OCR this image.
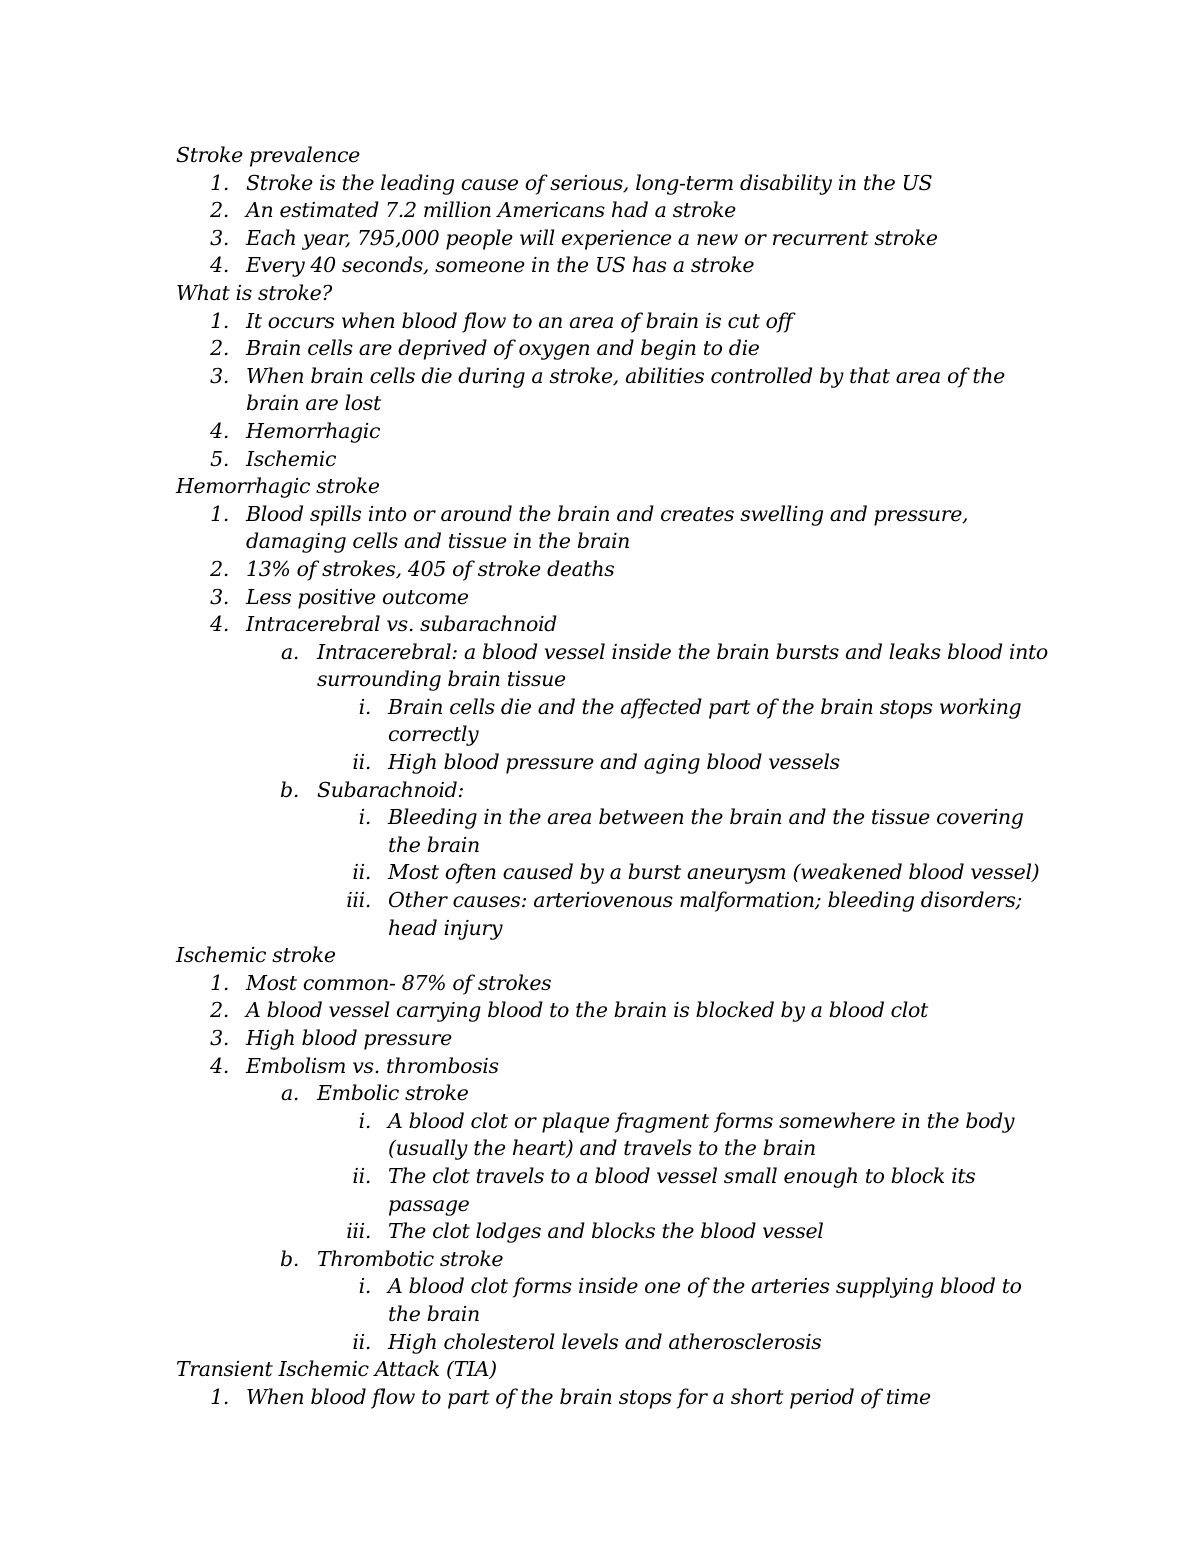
Stroke prevalence
1. Stroke is the leading cause of serious, long-term disability in the US
2. An estimated 7.2 million Americans had a stroke
3. Each year, 795,000 people will experience a new or recurrent stroke
4. Every 40 seconds, someone in the US has a stroke
What is stroke?
1. It occurs when blood flow to an area of brain is cut off
2. Brain cells are deprived of oxygen and begin to die
3. When brain cells die during a stroke, abilities controlled by that area of the
brain are lost
4. Hemorrhagic
5. Ischemic
Hemorrhagic stroke
1. Blood spills into or around the brain and creates swelling and pressure,
damaging cells and tissue in the brain
2. 13% of strokes, 405 of stroke deaths
3. Less positive outcome
4. Intracerebral vs. subarachnoid
a. Intracerebral: a blood vessel inside the brain bursts and leaks blood into
surrounding brain tissue
i. Brain cells die and the affected part of the brain stops working
correctly
ii. High blood pressure and aging blood vessels
b. Subarachnoid:
i. Bleeding in the area between the brain and the tissue covering
the brain
ii. Most often caused by a burst aneurysm (weakened blood vessel)
iii. Other causes: arteriovenous malformation; bleeding disorders;
head injury
Ischemic stroke
1. Most common- 87% of strokes
2. A blood vessel carrying blood to the brain is blocked by a blood clot
3. High blood pressure
4. Embolism vs. thrombosis
a. Embolic stroke
i. A blood clot or plaque fragment forms somewhere in the body
(usually the heart) and travels to the brain
ii. The clot travels to a blood vessel small enough to block its
passage
iii. The clot lodges and blocks the blood vessel
b. Thrombotic stroke
i. A blood clot forms inside one of the arteries supplying blood to
the brain
ii. High cholesterol levels and atherosclerosis
Transient Ischemic Attack (TIA)
1. When blood flow to part of the brain stops for a short period of time
